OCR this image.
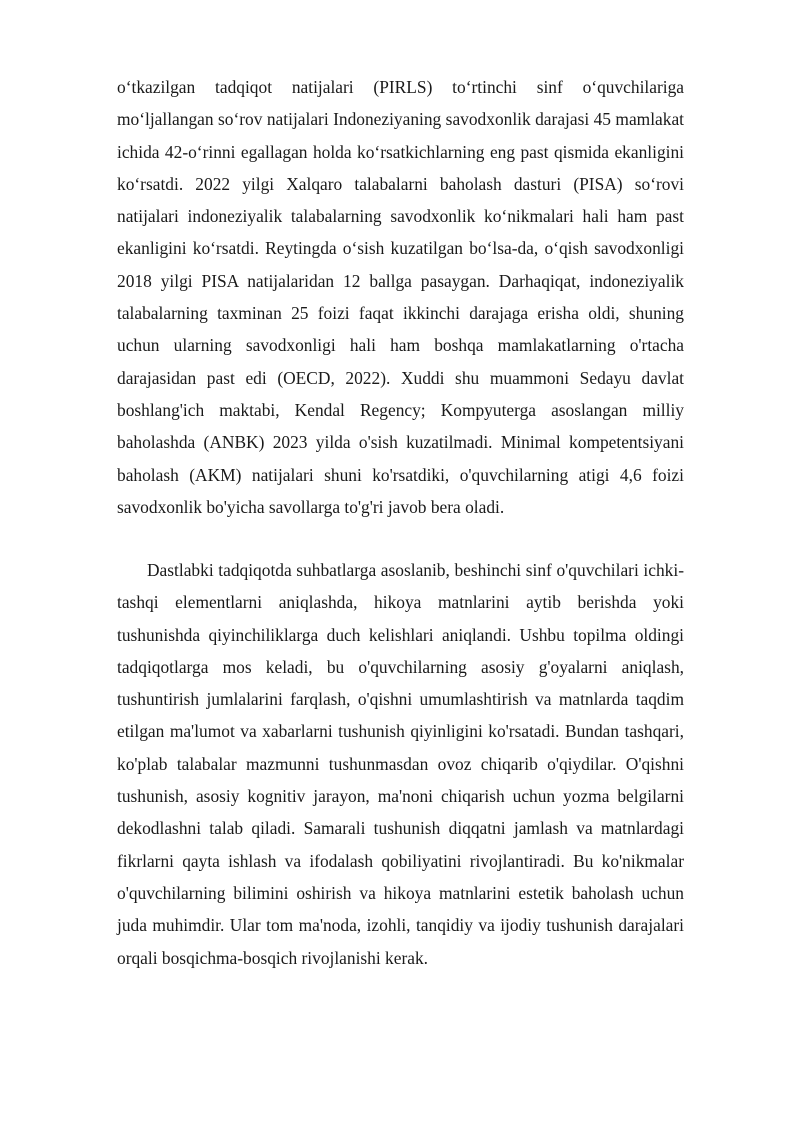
o‘tkazilgan tadqiqot natijalari (PIRLS) to‘rtinchi sinf o‘quvchilariga mo‘ljallangan so‘rov natijalari Indoneziyaning savodxonlik darajasi 45 mamlakat ichida 42-o‘rinni egallagan holda ko‘rsatkichlarning eng past qismida ekanligini ko‘rsatdi. 2022 yilgi Xalqaro talabalarni baholash dasturi (PISA) so‘rovi natijalari indoneziyalik talabalarning savodxonlik ko‘nikmalari hali ham past ekanligini ko‘rsatdi. Reytingda o‘sish kuzatilgan bo‘lsa-da, o‘qish savodxonligi 2018 yilgi PISA natijalaridan 12 ballga pasaygan. Darhaqiqat, indoneziyalik talabalarning taxminan 25 foizi faqat ikkinchi darajaga erisha oldi, shuning uchun ularning savodxonligi hali ham boshqa mamlakatlarning o'rtacha darajasidan past edi (OECD, 2022). Xuddi shu muammoni Sedayu davlat boshlang'ich maktabi, Kendal Regency; Kompyuterga asoslangan milliy baholashda (ANBK) 2023 yilda o'sish kuzatilmadi. Minimal kompetentsiyani baholash (AKM) natijalari shuni ko'rsatdiki, o'quvchilarning atigi 4,6 foizi savodxonlik bo'yicha savollarga to'g'ri javob bera oladi.

Dastlabki tadqiqotda suhbatlarga asoslanib, beshinchi sinf o'quvchilari ichki-tashqi elementlarni aniqlashda, hikoya matnlarini aytib berishda yoki tushunishda qiyinchiliklarga duch kelishlari aniqlandi. Ushbu topilma oldingi tadqiqotlarga mos keladi, bu o'quvchilarning asosiy g'oyalarni aniqlash, tushuntirish jumlalarini farqlash, o'qishni umumlashtirish va matnlarda taqdim etilgan ma'lumot va xabarlarni tushunish qiyinligini ko'rsatadi. Bundan tashqari, ko'plab talabalar mazmunni tushunmasdan ovoz chiqarib o'qiydilar. O'qishni tushunish, asosiy kognitiv jarayon, ma'noni chiqarish uchun yozma belgilarni dekodlashni talab qiladi. Samarali tushunish diqqatni jamlash va matnlardagi fikrlarni qayta ishlash va ifodalash qobiliyatini rivojlantiradi. Bu ko'nikmalar o'quvchilarning bilimini oshirish va hikoya matnlarini estetik baholash uchun juda muhimdir. Ular tom ma'noda, izohli, tanqidiy va ijodiy tushunish darajalari orqali bosqichma-bosqich rivojlanishi kerak.
